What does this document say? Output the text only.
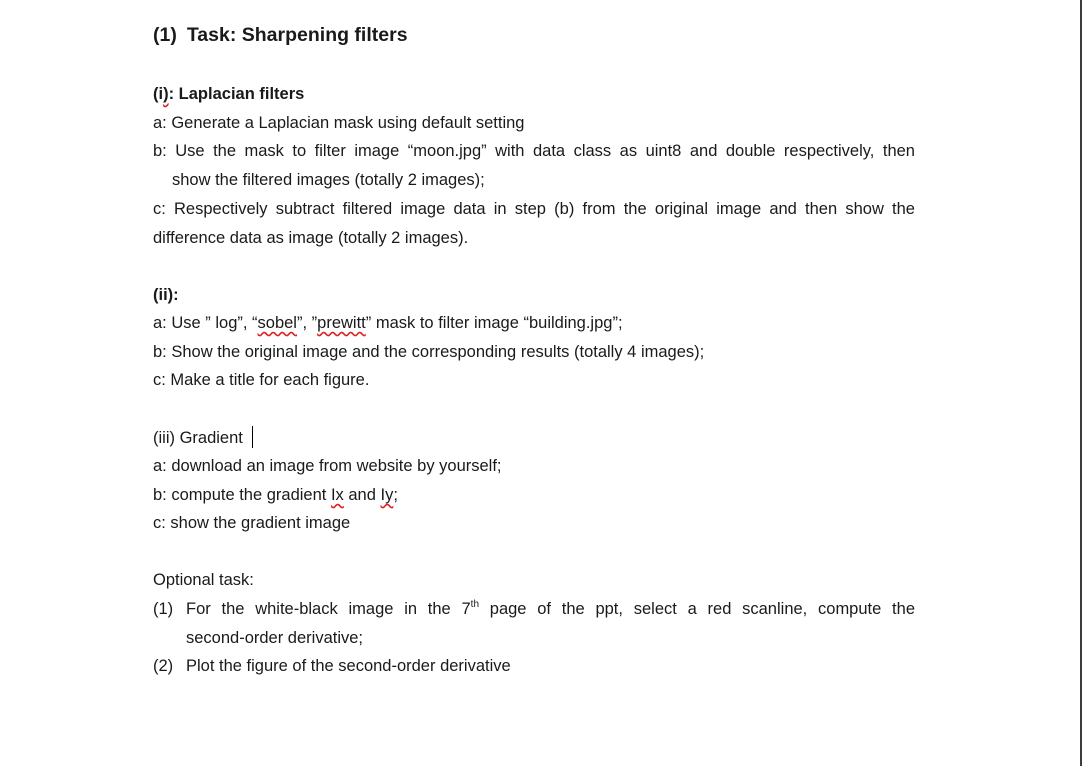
(1) Task: Sharpening filters
(i): Laplacian filters
a: Generate a Laplacian mask using default setting
b: Use the mask to filter image “moon.jpg” with data class as uint8 and double respectively, then
show the filtered images (totally 2 images);
c: Respectively subtract filtered image data in step (b) from the original image and then show the
difference data as image (totally 2 images).
(ii):
a: Use ” log”, “sobel”, ”prewitt” mask to filter image “building.jpg”;
b: Show the original image and the corresponding results (totally 4 images);
c: Make a title for each figure.
(iii) Gradient
a: download an image from website by yourself;
b: compute the gradient Ix and Iy;
c: show the gradient image
Optional task:
(1) For the white-black image in the 7th page of the ppt, select a red scanline, compute the
second-order derivative;
(2) Plot the figure of the second-order derivative
